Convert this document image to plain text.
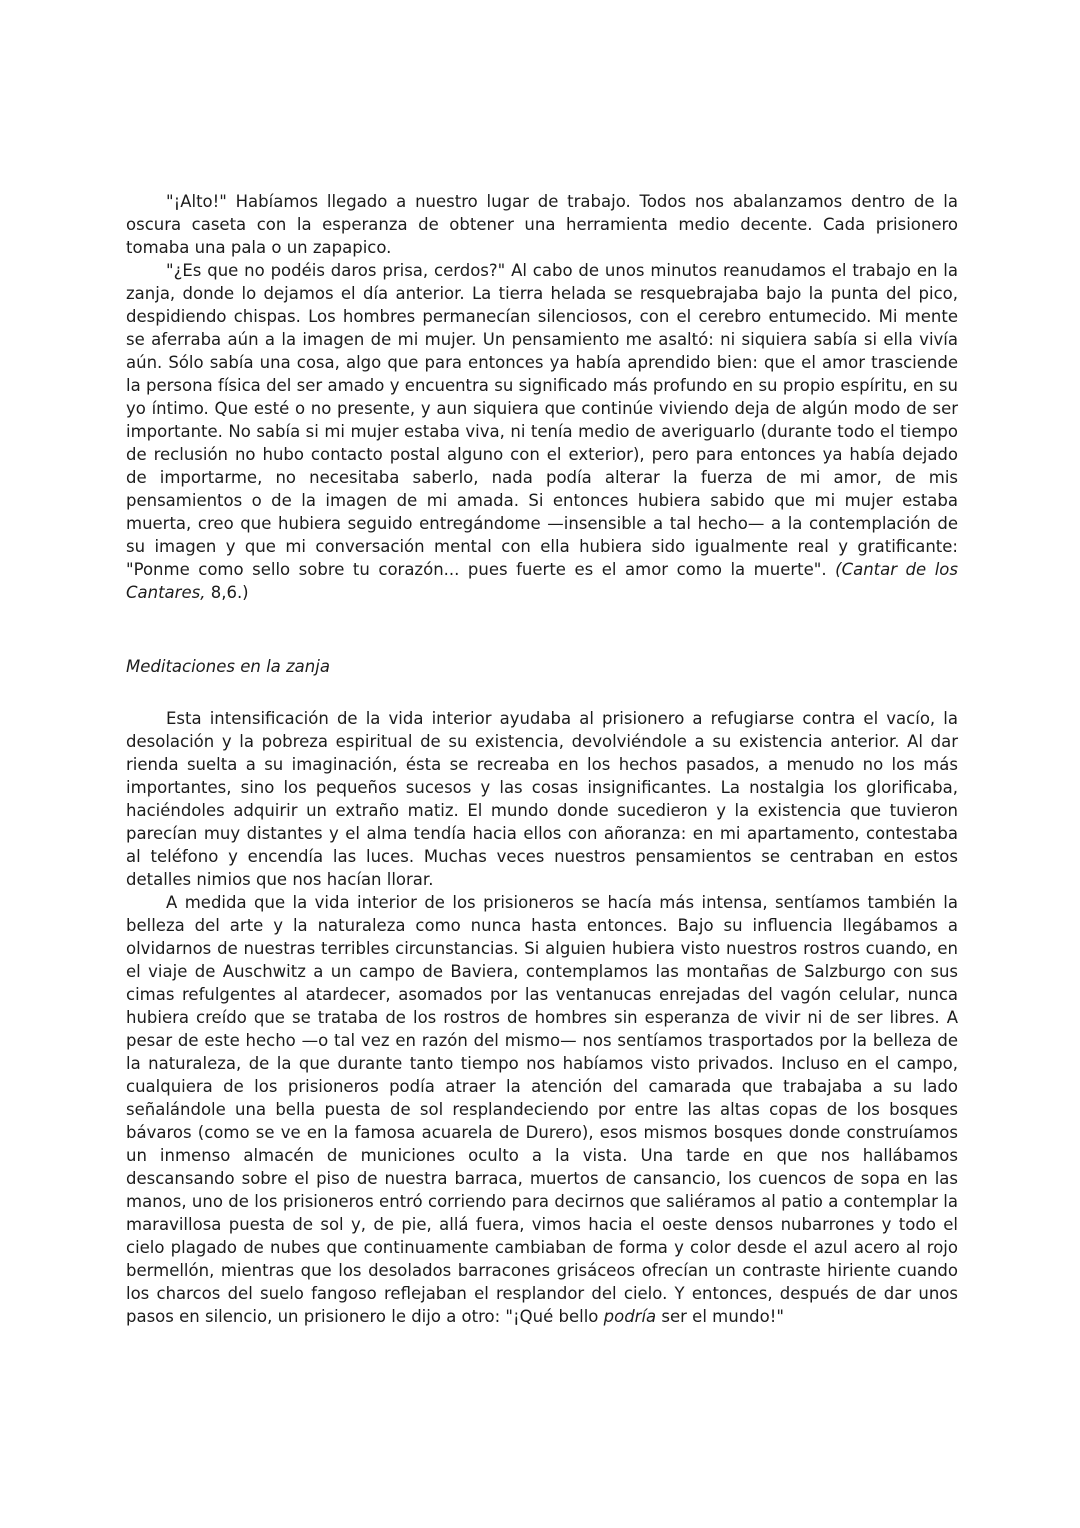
"¡Alto!" Habíamos llegado a nuestro lugar de trabajo. Todos nos abalanzamos dentro de la oscura caseta con la esperanza de obtener una herramienta medio decente. Cada prisionero tomaba una pala o un zapapico.

"¿Es que no podéis daros prisa, cerdos?" Al cabo de unos minutos reanudamos el trabajo en la zanja, donde lo dejamos el día anterior. La tierra helada se resquebrajaba bajo la punta del pico, despidiendo chispas. Los hombres permanecían silenciosos, con el cerebro entumecido. Mi mente se aferraba aún a la imagen de mi mujer. Un pensamiento me asaltó: ni siquiera sabía si ella vivía aún. Sólo sabía una cosa, algo que para entonces ya había aprendido bien: que el amor trasciende la persona física del ser amado y encuentra su significado más profundo en su propio espíritu, en su yo íntimo. Que esté o no presente, y aun siquiera que continúe viviendo deja de algún modo de ser importante. No sabía si mi mujer estaba viva, ni tenía medio de averiguarlo (durante todo el tiempo de reclusión no hubo contacto postal alguno con el exterior), pero para entonces ya había dejado de importarme, no necesitaba saberlo, nada podía alterar la fuerza de mi amor, de mis pensamientos o de la imagen de mi amada. Si entonces hubiera sabido que mi mujer estaba muerta, creo que hubiera seguido entregándome —insensible a tal hecho— a la contemplación de su imagen y que mi conversación mental con ella hubiera sido igualmente real y gratificante: "Ponme como sello sobre tu corazón... pues fuerte es el amor como la muerte". (Cantar de los Cantares, 8,6.)

Meditaciones en la zanja

Esta intensificación de la vida interior ayudaba al prisionero a refugiarse contra el vacío, la desolación y la pobreza espiritual de su existencia, devolviéndole a su existencia anterior. Al dar rienda suelta a su imaginación, ésta se recreaba en los hechos pasados, a menudo no los más importantes, sino los pequeños sucesos y las cosas insignificantes. La nostalgia los glorificaba, haciéndoles adquirir un extraño matiz. El mundo donde sucedieron y la existencia que tuvieron parecían muy distantes y el alma tendía hacia ellos con añoranza: en mi apartamento, contestaba al teléfono y encendía las luces. Muchas veces nuestros pensamientos se centraban en estos detalles nimios que nos hacían llorar.

A medida que la vida interior de los prisioneros se hacía más intensa, sentíamos también la belleza del arte y la naturaleza como nunca hasta entonces. Bajo su influencia llegábamos a olvidarnos de nuestras terribles circunstancias. Si alguien hubiera visto nuestros rostros cuando, en el viaje de Auschwitz a un campo de Baviera, contemplamos las montañas de Salzburgo con sus cimas refulgentes al atardecer, asomados por las ventanucas enrejadas del vagón celular, nunca hubiera creído que se trataba de los rostros de hombres sin esperanza de vivir ni de ser libres. A pesar de este hecho —o tal vez en razón del mismo— nos sentíamos trasportados por la belleza de la naturaleza, de la que durante tanto tiempo nos habíamos visto privados. Incluso en el campo, cualquiera de los prisioneros podía atraer la atención del camarada que trabajaba a su lado señalándole una bella puesta de sol resplandeciendo por entre las altas copas de los bosques bávaros (como se ve en la famosa acuarela de Durero), esos mismos bosques donde construíamos un inmenso almacén de municiones oculto a la vista. Una tarde en que nos hallábamos descansando sobre el piso de nuestra barraca, muertos de cansancio, los cuencos de sopa en las manos, uno de los prisioneros entró corriendo para decirnos que saliéramos al patio a contemplar la maravillosa puesta de sol y, de pie, allá fuera, vimos hacia el oeste densos nubarrones y todo el cielo plagado de nubes que continuamente cambiaban de forma y color desde el azul acero al rojo bermellón, mientras que los desolados barracones grisáceos ofrecían un contraste hiriente cuando los charcos del suelo fangoso reflejaban el resplandor del cielo. Y entonces, después de dar unos pasos en silencio, un prisionero le dijo a otro: "¡Qué bello podría ser el mundo!"
